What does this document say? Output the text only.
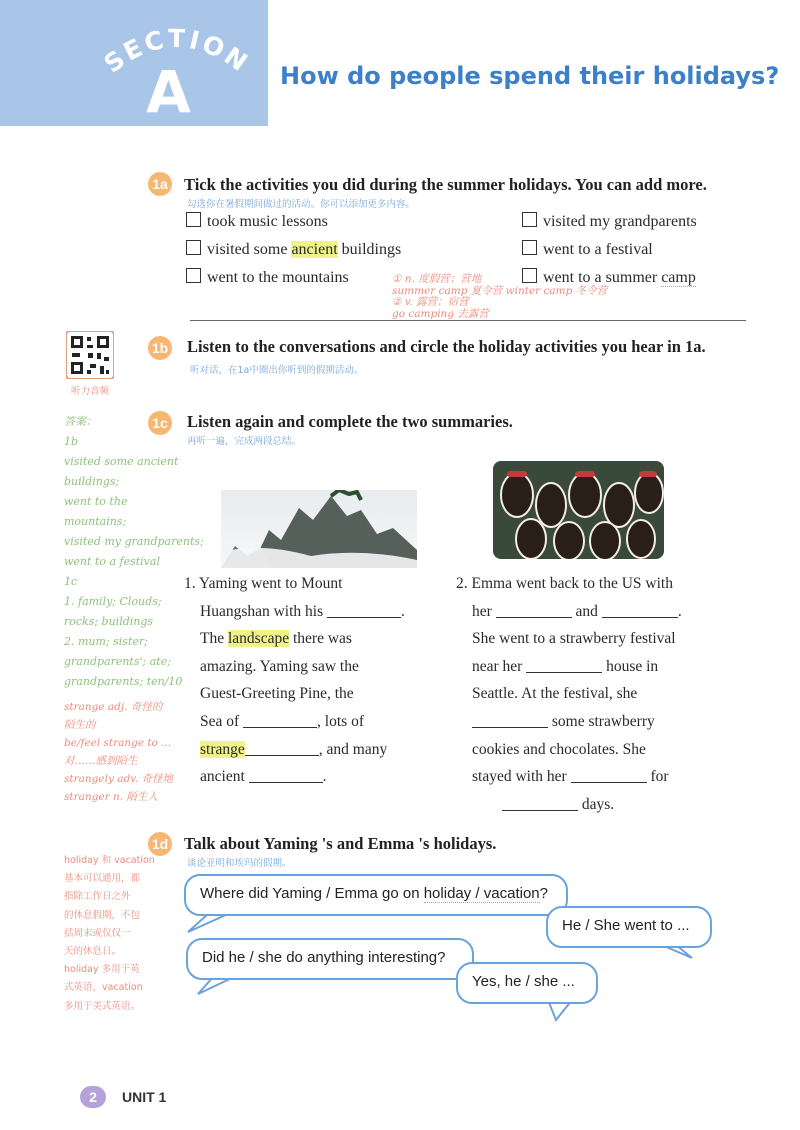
SECTION
A	How do people spend their holidays?
1a Tick the activities you did during the summer holidays. You can add more.
勾选你在暑假期间做过的活动。你可以添加更多内容。
took music lessons
visited some ancient buildings
went to the mountains
visited my grandparents
went to a festival
went to a summer camp
① n. 度假营；营地
summer camp 夏令营 winter camp 冬令营
② v. 露营；宿营
go camping 去露营
听力音频
1b Listen to the conversations and circle the holiday activities you hear in 1a.
听对话，在1a中圈出你听到的假期活动。
1c Listen again and complete the two summaries.
再听一遍，完成两段总结。
答案：
1b
visited some ancient
buildings;
went to the
mountains;
visited my grandparents;
went to a festival
1c
1. family; Clouds;
rocks; buildings
2. mum; sister;
grandparents'; ate;
grandparents; ten/10
strange adj. 奇怪的
陌生的
be/feel strange to ...
对……感到陌生
strangely adv. 奇怪地
stranger n. 陌生人
1. Yaming went to Mount
Huangshan with his	.
The landscape there was
amazing. Yaming saw the
Guest-Greeting Pine, the
Sea of	, lots of
strange	, and many
ancient	.
2. Emma went back to the US with
her	and	.
She went to a strawberry festival
near her	house in
Seattle. At the festival, she
some strawberry
cookies and chocolates. She
stayed with her	for
days.
1d Talk about Yaming 's and Emma 's holidays.
谈论亚明和埃玛的假期。
holiday 和 vacation
基本可以通用，都
指除工作日之外
的休息假期，不包
括周末或仅仅一
天的休息日。
holiday 多用于英
式英语，vacation
多用于美式英语。
Where did Yaming / Emma go on holiday / vacation?
He / She went to ...
Did he / she do anything interesting?
Yes, he / she ...
2	UNIT 1
